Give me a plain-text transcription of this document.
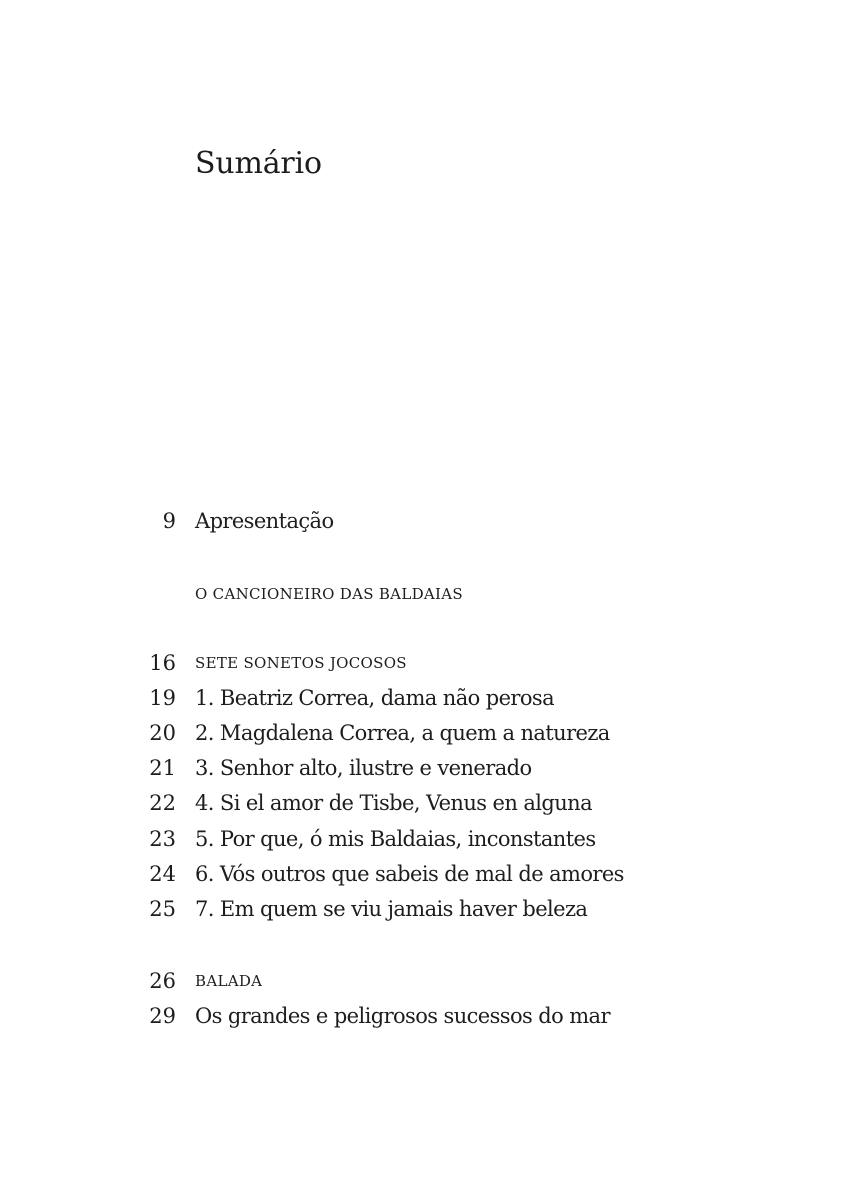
Sumário
9 Apresentação
O CANCIONEIRO DAS BALDAIAS
16 SETE SONETOS JOCOSOS
19 1. Beatriz Correa, dama não perosa
20 2. Magdalena Correa, a quem a natureza
21 3. Senhor alto, ilustre e venerado
22 4. Si el amor de Tisbe, Venus en alguna
23 5. Por que, ó mis Baldaias, inconstantes
24 6. Vós outros que sabeis de mal de amores
25 7. Em quem se viu jamais haver beleza
26 BALADA
29 Os grandes e peligrosos sucessos do mar
